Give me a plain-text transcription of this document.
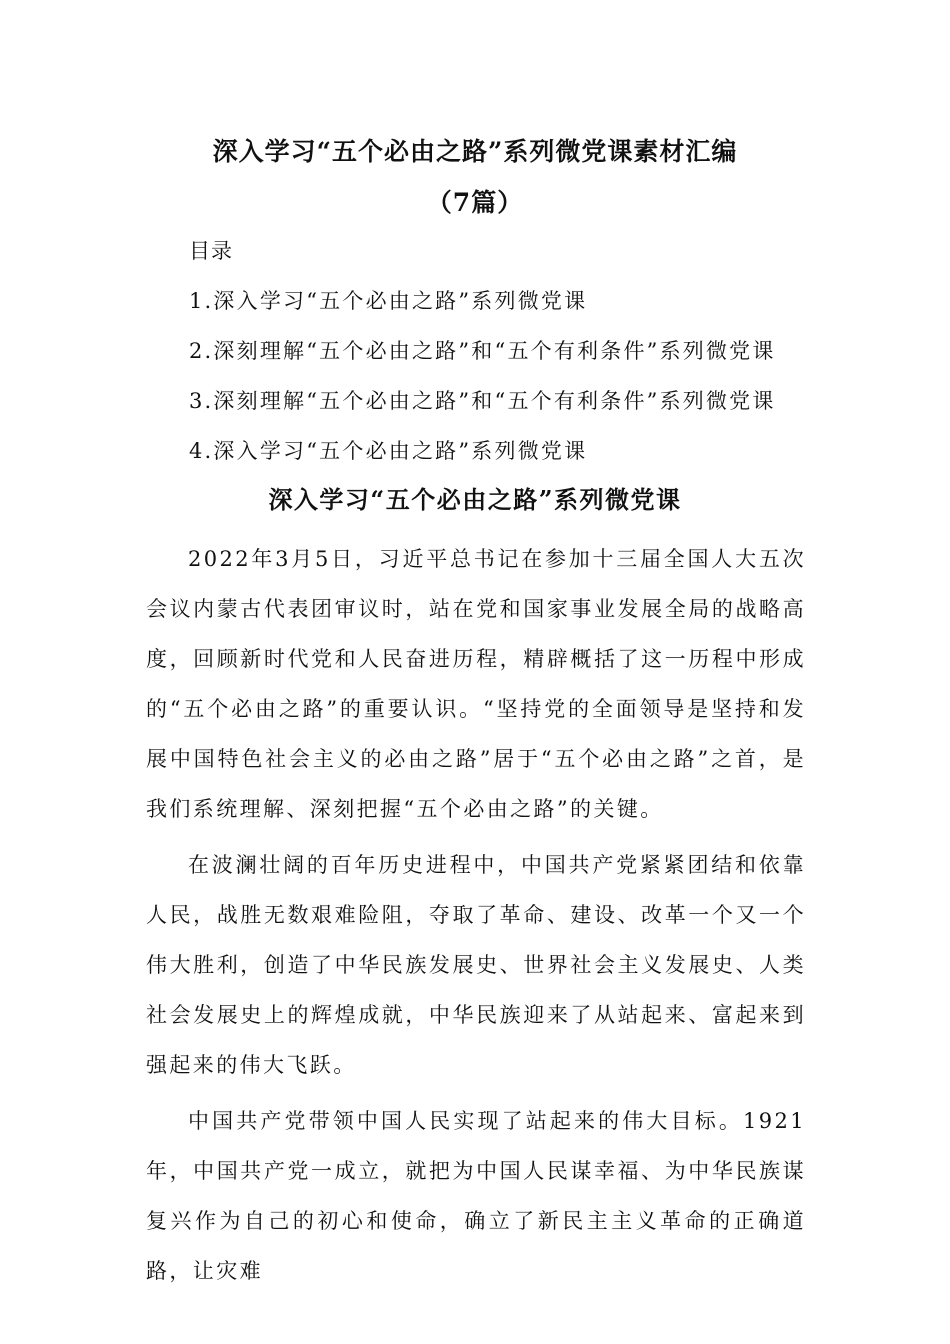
深入学习“五个必由之路”系列微党课素材汇编
（7篇）

目录

1.深入学习“五个必由之路”系列微党课
2.深刻理解“五个必由之路”和“五个有利条件”系列微党课
3.深刻理解“五个必由之路”和“五个有利条件”系列微党课
4.深入学习“五个必由之路”系列微党课
深入学习“五个必由之路”系列微党课

2022年3月5日，习近平总书记在参加十三届全国人大五次会议内蒙古代表团审议时，站在党和国家事业发展全局的战略高度，回顾新时代党和人民奋进历程，精辟概括了这一历程中形成的“五个必由之路”的重要认识。“坚持党的全面领导是坚持和发展中国特色社会主义的必由之路”居于“五个必由之路”之首，是我们系统理解、深刻把握“五个必由之路”的关键。

在波澜壮阔的百年历史进程中，中国共产党紧紧团结和依靠人民，战胜无数艰难险阻，夺取了革命、建设、改革一个又一个伟大胜利，创造了中华民族发展史、世界社会主义发展史、人类社会发展史上的辉煌成就，中华民族迎来了从站起来、富起来到强起来的伟大飞跃。

中国共产党带领中国人民实现了站起来的伟大目标。1921年，中国共产党一成立，就把为中国人民谋幸福、为中华民族谋复兴作为自己的初心和使命，确立了新民主主义革命的正确道路，让灾难
